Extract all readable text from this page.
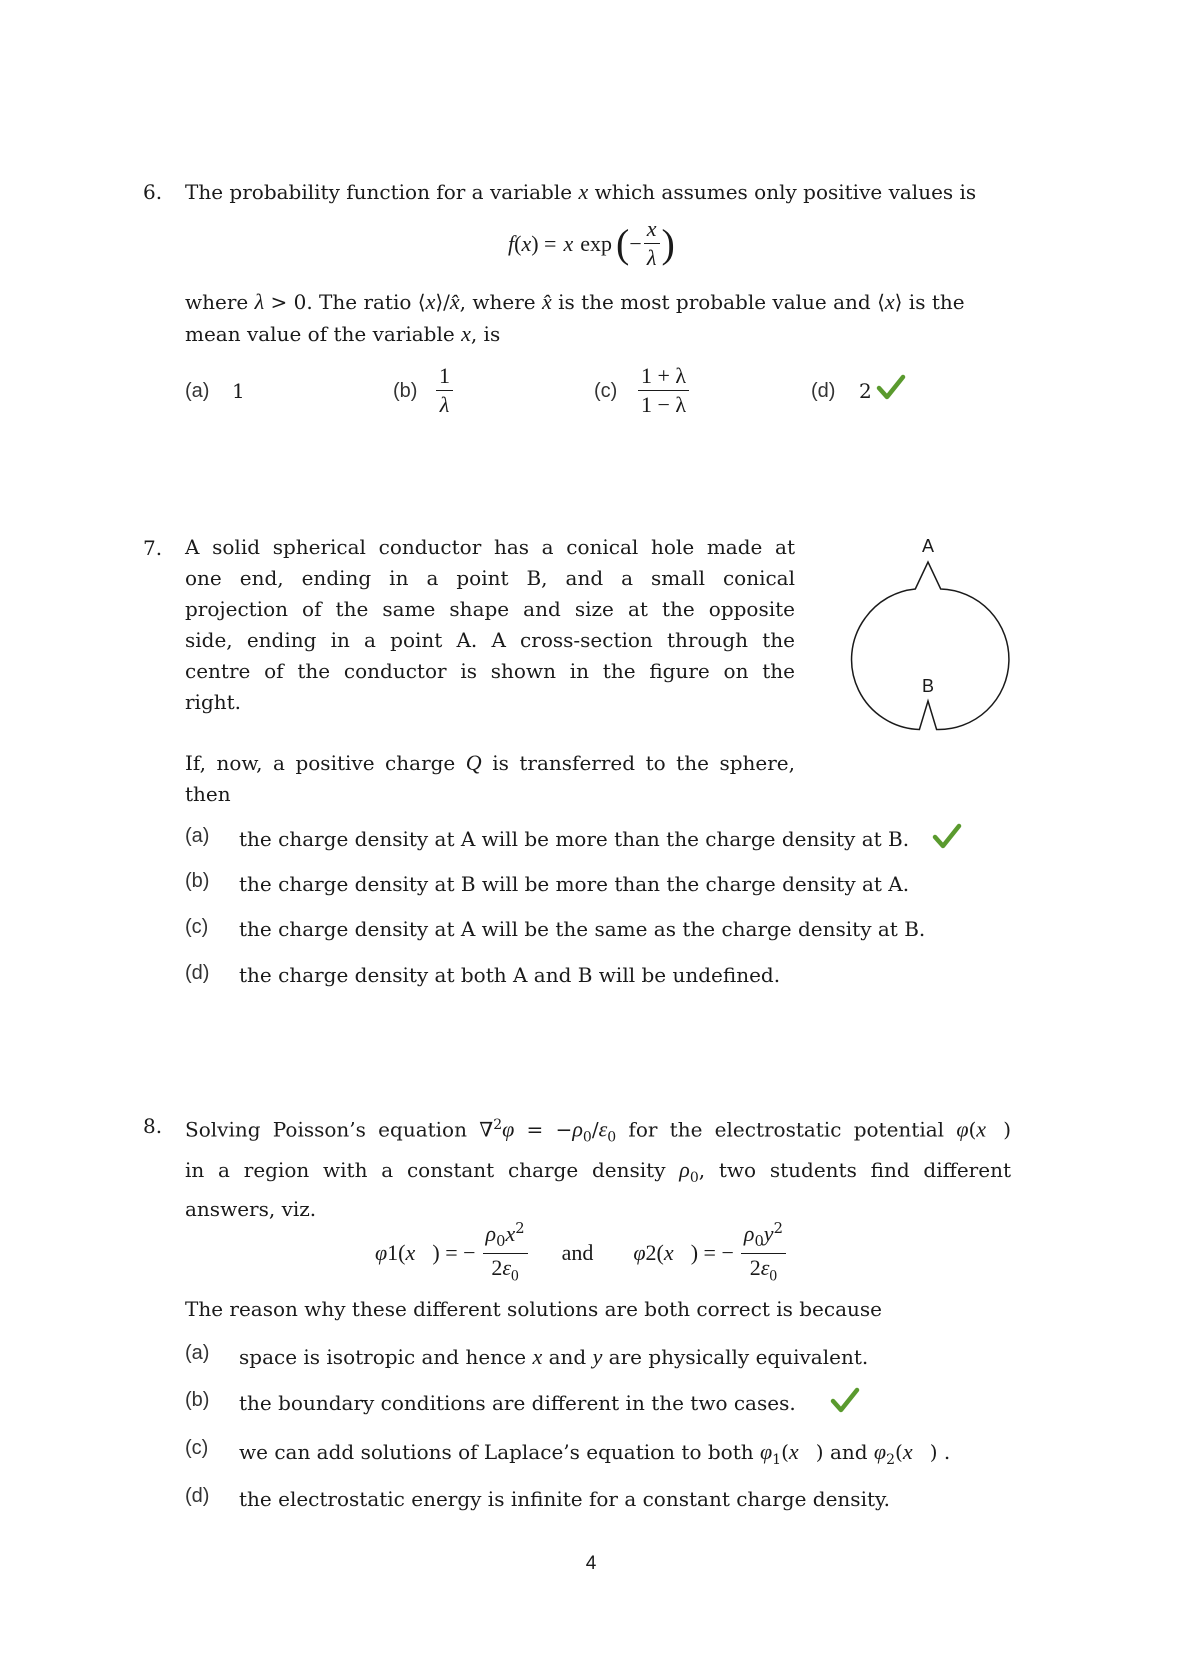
6. The probability function for a variable x which assumes only positive values is
f ( x ) =
x
exp ( − $\frac{x}{\lambda}$ )
where λ > 0. The ratio ⟨x⟩/x̂, where x̂ is the most probable value and ⟨x⟩ is the
mean value of the variable x, is
(a) 1	$(b) \frac{1}{\lambda}$	$(c) \frac{1 + \lambda}{1 - \lambda}$	(d) 2
7. A solid spherical conductor has a conical hole made at
one end, ending in a point B, and a small conical
projection of the same shape and size at the opposite
side, ending in a point A. A cross-section through the
centre of the conductor is shown in the figure on the
right.
A
B
If, now, a positive charge Q is transferred to the sphere,
then
(a) the charge density at A will be more than the charge density at B.
(b) the charge density at B will be more than the charge density at A.
(c) the charge density at A will be the same as the charge density at B.
(d) the charge density at both A and B will be undefined.
8. Solving Poisson’s equation $\nabla^2\varphi = -\rho_0/\varepsilon_0$ for the electrostatic potential φ(x⃗)
in a region with a constant charge density $\rho_0$, two students find different
answers, viz.
φ 1 ( x⃗ ) = −
$\frac{\rho_0x^2}{2\varepsilon_0}$ and φ 2 ( x⃗ ) = −
$\frac{\rho_0y^2}{2\varepsilon_0}$
The reason why these different solutions are both correct is because
(a) space is isotropic and hence x and y are physically equivalent.
(b) the boundary conditions are different in the two cases.
(c) we can add solutions of Laplace’s equation to both $\varphi_1(x⃗)$ and $\varphi_2(x⃗)$ .
(d) the electrostatic energy is infinite for a constant charge density.
4
